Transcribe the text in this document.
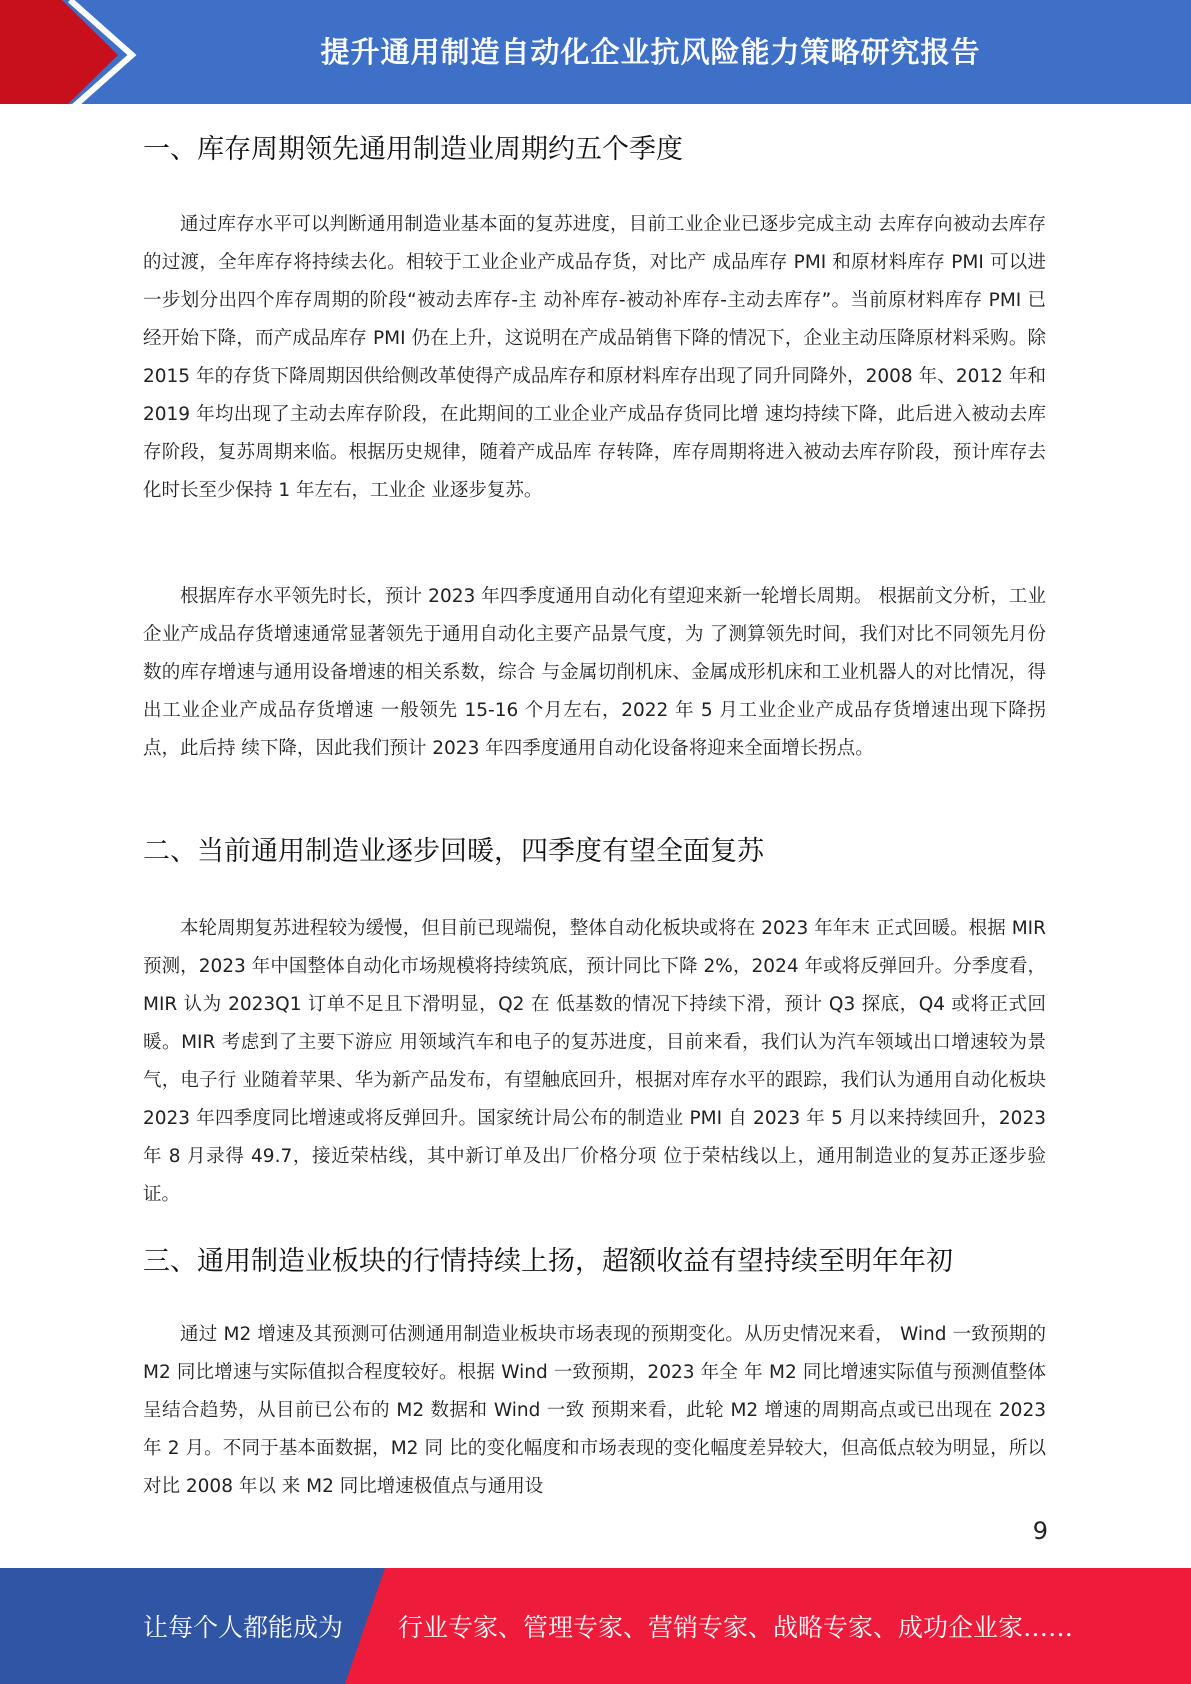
提升通用制造自动化企业抗风险能力策略研究报告
一、库存周期领先通用制造业周期约五个季度

通过库存水平可以判断通用制造业基本面的复苏进度，目前工业企业已逐步完成主动 去库存向被动去库存的过渡，全年库存将持续去化。相较于工业企业产成品存货，对比产 成品库存 PMI 和原材料库存 PMI 可以进一步划分出四个库存周期的阶段“被动去库存-主 动补库存-被动补库存-主动去库存”。当前原材料库存 PMI 已经开始下降，而产成品库存 PMI 仍在上升，这说明在产成品销售下降的情况下，企业主动压降原材料采购。除 2015 年的存货下降周期因供给侧改革使得产成品库存和原材料库存出现了同升同降外，2008 年、2012 年和 2019 年均出现了主动去库存阶段，在此期间的工业企业产成品存货同比增 速均持续下降，此后进入被动去库存阶段，复苏周期来临。根据历史规律，随着产成品库 存转降，库存周期将进入被动去库存阶段，预计库存去化时长至少保持 1 年左右，工业企 业逐步复苏。

根据库存水平领先时长，预计 2023 年四季度通用自动化有望迎来新一轮增长周期。 根据前文分析，工业企业产成品存货增速通常显著领先于通用自动化主要产品景气度，为 了测算领先时间，我们对比不同领先月份数的库存增速与通用设备增速的相关系数，综合 与金属切削机床、金属成形机床和工业机器人的对比情况，得出工业企业产成品存货增速 一般领先 15-16 个月左右，2022 年 5 月工业企业产成品存货增速出现下降拐点，此后持 续下降，因此我们预计 2023 年四季度通用自动化设备将迎来全面增长拐点。

二、当前通用制造业逐步回暖，四季度有望全面复苏

本轮周期复苏进程较为缓慢，但目前已现端倪，整体自动化板块或将在 2023 年年末 正式回暖。根据 MIR 预测，2023 年中国整体自动化市场规模将持续筑底，预计同比下降 2%，2024 年或将反弹回升。分季度看，MIR 认为 2023Q1 订单不足且下滑明显，Q2 在 低基数的情况下持续下滑，预计 Q3 探底，Q4 或将正式回暖。MIR 考虑到了主要下游应 用领域汽车和电子的复苏进度，目前来看，我们认为汽车领域出口增速较为景气，电子行 业随着苹果、华为新产品发布，有望触底回升，根据对库存水平的跟踪，我们认为通用自动化板块 2023 年四季度同比增速或将反弹回升。国家统计局公布的制造业 PMI 自 2023 年 5 月以来持续回升，2023 年 8 月录得 49.7，接近荣枯线，其中新订单及出厂价格分项 位于荣枯线以上，通用制造业的复苏正逐步验证。

三、通用制造业板块的行情持续上扬，超额收益有望持续至明年年初

通过 M2 增速及其预测可估测通用制造业板块市场表现的预期变化。从历史情况来看， Wind 一致预期的 M2 同比增速与实际值拟合程度较好。根据 Wind 一致预期，2023 年全 年 M2 同比增速实际值与预测值整体呈结合趋势，从目前已公布的 M2 数据和 Wind 一致 预期来看，此轮 M2 增速的周期高点或已出现在 2023 年 2 月。不同于基本面数据，M2 同 比的变化幅度和市场表现的变化幅度差异较大，但高低点较为明显，所以对比 2008 年以 来 M2 同比增速极值点与通用设

9
让每个人都能成为 行业专家、管理专家、营销专家、战略专家、成功企业家……
